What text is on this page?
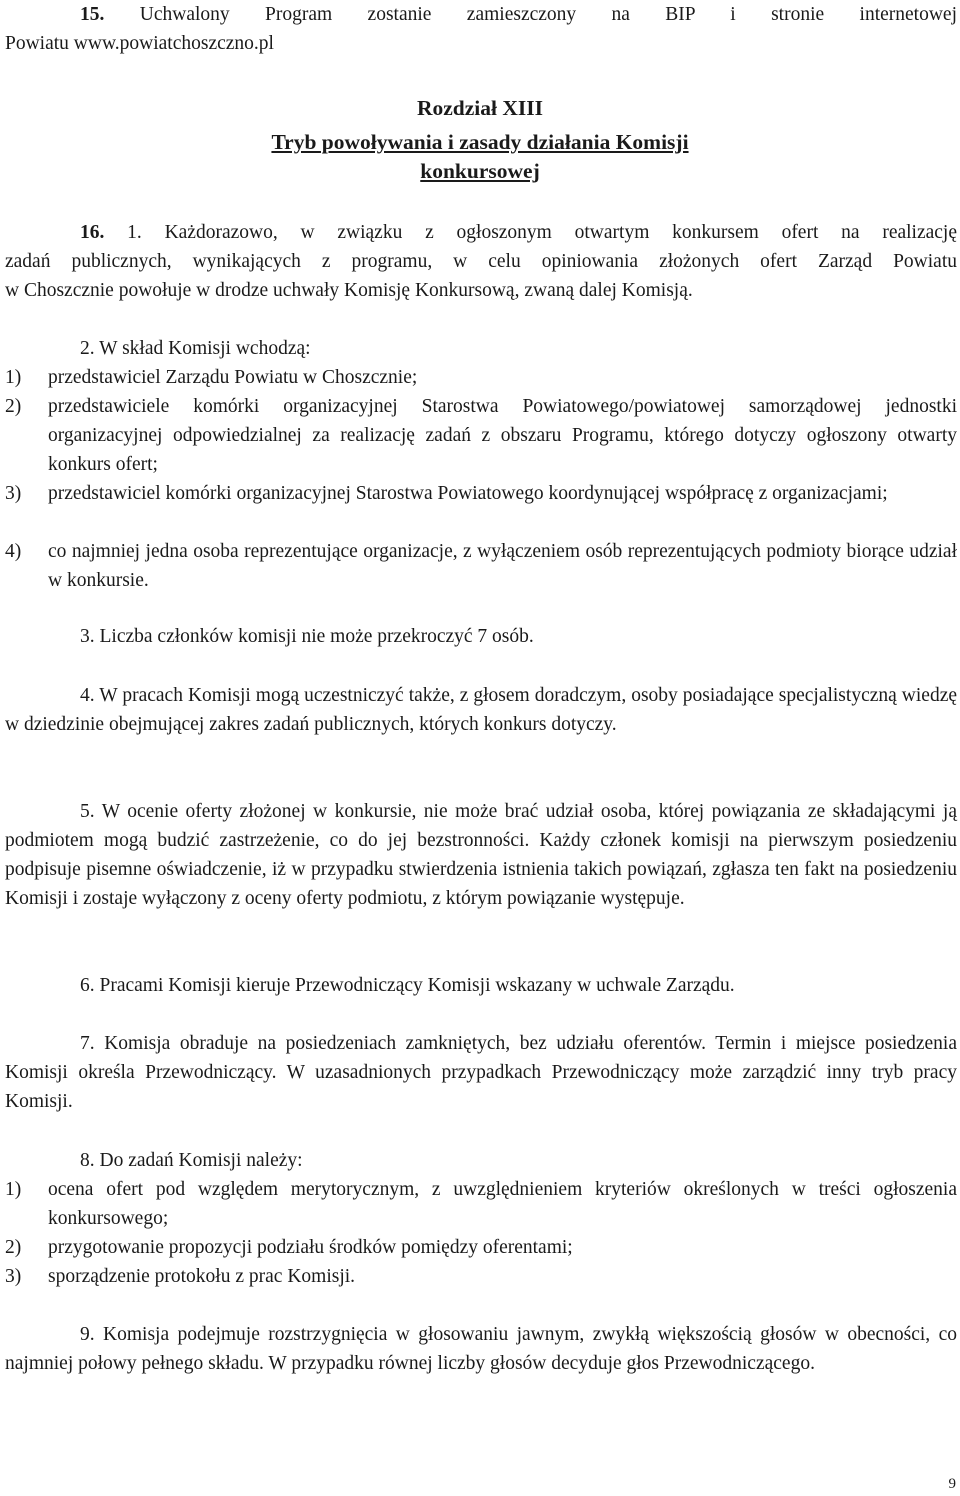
15. Uchwalony Program zostanie zamieszczony na BIP i stronie internetowej
Powiatu www.powiatchoszczno.pl
Rozdział XIII
Tryb powoływania i zasady działania Komisji
konkursowej
16. 1. Każdorazowo, w związku z ogłoszonym otwartym konkursem ofert na realizację
zadań publicznych, wynikających z programu, w celu opiniowania złożonych ofert Zarząd Powiatu
w Choszcznie powołuje w drodze uchwały Komisję Konkursową, zwaną dalej Komisją.
2. W skład Komisji wchodzą:
1) przedstawiciel Zarządu Powiatu w Choszcznie;
2) przedstawiciele komórki organizacyjnej Starostwa Powiatowego/powiatowej samorządowej jednostki organizacyjnej odpowiedzialnej za realizację zadań z obszaru Programu, którego dotyczy ogłoszony otwarty konkurs ofert;
3) przedstawiciel komórki organizacyjnej Starostwa Powiatowego koordynującej współpracę z organizacjami;
4) co najmniej jedna osoba reprezentujące organizacje, z wyłączeniem osób reprezentujących podmioty biorące udział w konkursie.
3. Liczba członków komisji nie może przekroczyć 7 osób.
4. W pracach Komisji mogą uczestniczyć także, z głosem doradczym, osoby posiadające specjalistyczną wiedzę w dziedzinie obejmującej zakres zadań publicznych, których konkurs dotyczy.
5. W ocenie oferty złożonej w konkursie, nie może brać udział osoba, której powiązania ze składającymi ją podmiotem mogą budzić zastrzeżenie, co do jej bezstronności. Każdy członek komisji na pierwszym posiedzeniu podpisuje pisemne oświadczenie, iż w przypadku stwierdzenia istnienia takich powiązań, zgłasza ten fakt na posiedzeniu Komisji i zostaje wyłączony z oceny oferty podmiotu, z którym powiązanie występuje.
6. Pracami Komisji kieruje Przewodniczący Komisji wskazany w uchwale Zarządu.
7. Komisja obraduje na posiedzeniach zamkniętych, bez udziału oferentów. Termin i miejsce posiedzenia Komisji określa Przewodniczący. W uzasadnionych przypadkach Przewodniczący może zarządzić inny tryb pracy Komisji.
8. Do zadań Komisji należy:
1) ocena ofert pod względem merytorycznym, z uwzględnieniem kryteriów określonych w treści ogłoszenia konkursowego;
2) przygotowanie propozycji podziału środków pomiędzy oferentami;
3) sporządzenie protokołu z prac Komisji.
9. Komisja podejmuje rozstrzygnięcia w głosowaniu jawnym, zwykłą większością głosów w obecności, co najmniej połowy pełnego składu. W przypadku równej liczby głosów decyduje głos Przewodniczącego.
9
